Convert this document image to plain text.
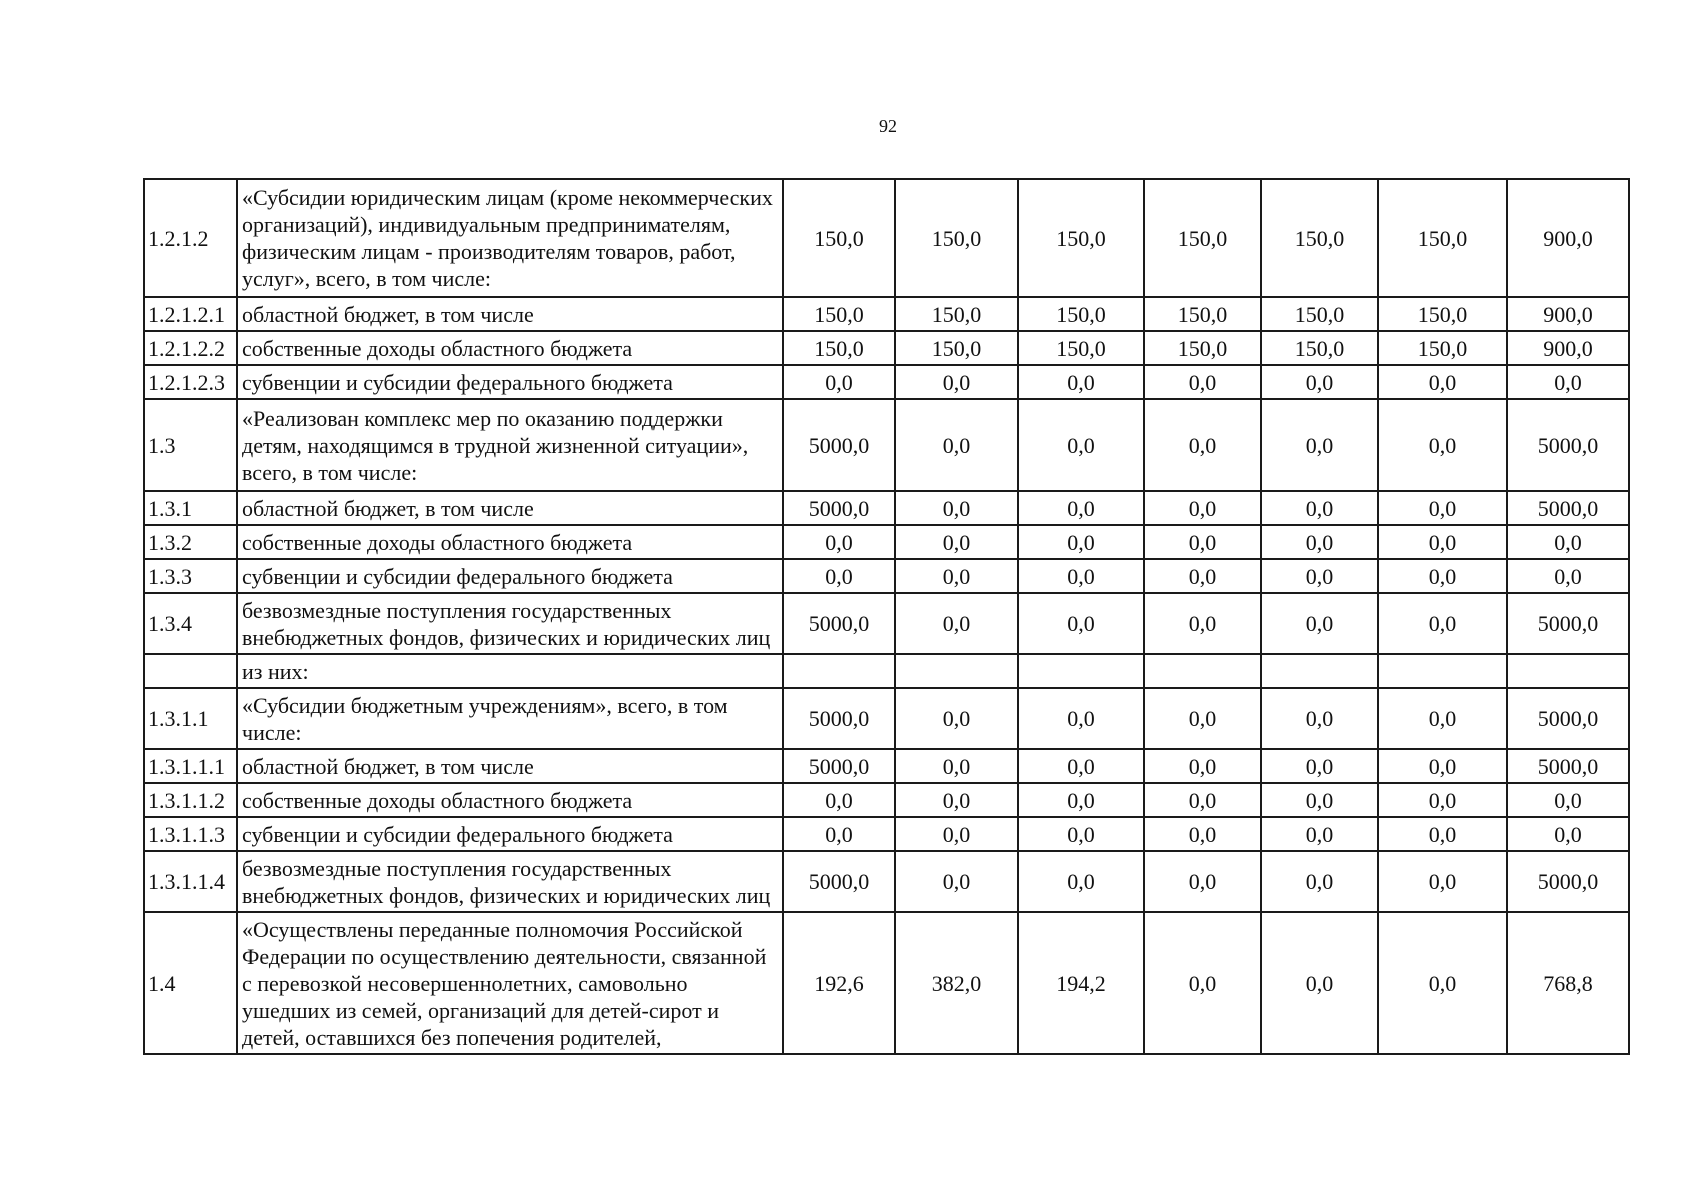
92
1.2.1.2	«Субсидии юридическим лицам (кроме некоммерческих организаций), индивидуальным предпринимателям, физическим лицам - производителям товаров, работ, услуг», всего, в том числе:	150,0	150,0	150,0	150,0	150,0	150,0	900,0
1.2.1.2.1	областной бюджет, в том числе	150,0	150,0	150,0	150,0	150,0	150,0	900,0
1.2.1.2.2	собственные доходы областного бюджета	150,0	150,0	150,0	150,0	150,0	150,0	900,0
1.2.1.2.3	субвенции и субсидии федерального бюджета	0,0	0,0	0,0	0,0	0,0	0,0	0,0
1.3	«Реализован комплекс мер по оказанию поддержки детям, находящимся в трудной жизненной ситуации», всего, в том числе:	5000,0	0,0	0,0	0,0	0,0	0,0	5000,0
1.3.1	областной бюджет, в том числе	5000,0	0,0	0,0	0,0	0,0	0,0	5000,0
1.3.2	собственные доходы областного бюджета	0,0	0,0	0,0	0,0	0,0	0,0	0,0
1.3.3	субвенции и субсидии федерального бюджета	0,0	0,0	0,0	0,0	0,0	0,0	0,0
1.3.4	безвозмездные поступления государственных внебюджетных фондов, физических и юридических лиц	5000,0	0,0	0,0	0,0	0,0	0,0	5000,0
	из них:							
1.3.1.1	«Субсидии бюджетным учреждениям», всего, в том числе:	5000,0	0,0	0,0	0,0	0,0	0,0	5000,0
1.3.1.1.1	областной бюджет, в том числе	5000,0	0,0	0,0	0,0	0,0	0,0	5000,0
1.3.1.1.2	собственные доходы областного бюджета	0,0	0,0	0,0	0,0	0,0	0,0	0,0
1.3.1.1.3	субвенции и субсидии федерального бюджета	0,0	0,0	0,0	0,0	0,0	0,0	0,0
1.3.1.1.4	безвозмездные поступления государственных внебюджетных фондов, физических и юридических лиц	5000,0	0,0	0,0	0,0	0,0	0,0	5000,0
1.4	«Осуществлены переданные полномочия Российской Федерации по осуществлению деятельности, связанной с перевозкой несовершеннолетних, самовольно ушедших из семей, организаций для детей-сирот и детей, оставшихся без попечения родителей,	192,6	382,0	194,2	0,0	0,0	0,0	768,8
